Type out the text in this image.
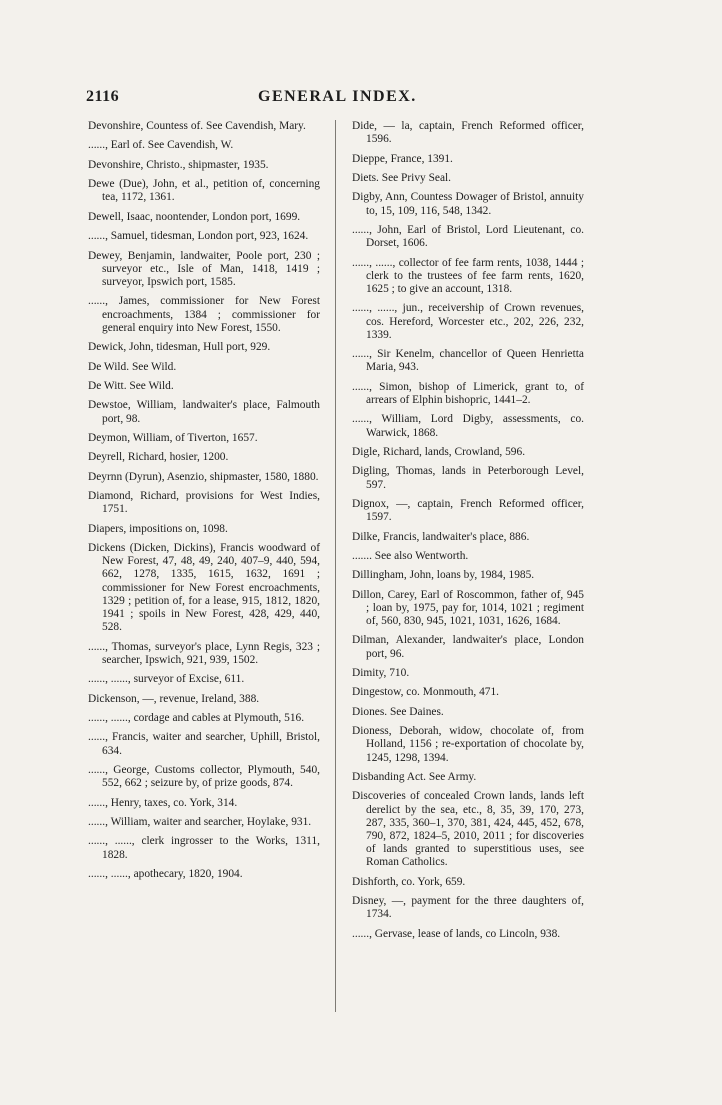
2116	GENERAL INDEX.

Devonshire, Countess of. See Cavendish, Mary.

......, Earl of. See Cavendish, W.

Devonshire, Christo., shipmaster, 1935.

Dewe (Due), John, et al., petition of, concerning tea, 1172, 1361.

Dewell, Isaac, noontender, London port, 1699.

......, Samuel, tidesman, London port, 923, 1624.

Dewey, Benjamin, landwaiter, Poole port, 230 ; surveyor etc., Isle of Man, 1418, 1419 ; surveyor, Ipswich port, 1585.

......, James, commissioner for New Forest encroachments, 1384 ; commissioner for general enquiry into New Forest, 1550.

Dewick, John, tidesman, Hull port, 929.

De Wild. See Wild.

De Witt. See Wild.

Dewstoe, William, landwaiter's place, Falmouth port, 98.

Deymon, William, of Tiverton, 1657.

Deyrell, Richard, hosier, 1200.

Deyrnn (Dyrun), Asenzio, shipmaster, 1580, 1880.

Diamond, Richard, provisions for West Indies, 1751.

Diapers, impositions on, 1098.

Dickens (Dicken, Dickins), Francis woodward of New Forest, 47, 48, 49, 240, 407–9, 440, 594, 662, 1278, 1335, 1615, 1632, 1691 ; commissioner for New Forest encroachments, 1329 ; petition of, for a lease, 915, 1812, 1820, 1941 ; spoils in New Forest, 428, 429, 440, 528.

......, Thomas, surveyor's place, Lynn Regis, 323 ; searcher, Ipswich, 921, 939, 1502.

......, ......, surveyor of Excise, 611.

Dickenson, —, revenue, Ireland, 388.

......, ......, cordage and cables at Plymouth, 516.

......, Francis, waiter and searcher, Uphill, Bristol, 634.

......, George, Customs collector, Plymouth, 540, 552, 662 ; seizure by, of prize goods, 874.

......, Henry, taxes, co. York, 314.

......, William, waiter and searcher, Hoylake, 931.

......, ......, clerk ingrosser to the Works, 1311, 1828.

......, ......, apothecary, 1820, 1904.

Dide, — la, captain, French Reformed officer, 1596.

Dieppe, France, 1391.

Diets. See Privy Seal.

Digby, Ann, Countess Dowager of Bristol, annuity to, 15, 109, 116, 548, 1342.

......, John, Earl of Bristol, Lord Lieutenant, co. Dorset, 1606.

......, ......, collector of fee farm rents, 1038, 1444 ; clerk to the trustees of fee farm rents, 1620, 1625 ; to give an account, 1318.

......, ......, jun., receivership of Crown revenues, cos. Hereford, Worcester etc., 202, 226, 232, 1339.

......, Sir Kenelm, chancellor of Queen Henrietta Maria, 943.

......, Simon, bishop of Limerick, grant to, of arrears of Elphin bishopric, 1441–2.

......, William, Lord Digby, assessments, co. Warwick, 1868.

Digle, Richard, lands, Crowland, 596.

Digling, Thomas, lands in Peterborough Level, 597.

Dignox, —, captain, French Reformed officer, 1597.

Dilke, Francis, landwaiter's place, 886.

....... See also Wentworth.

Dillingham, John, loans by, 1984, 1985.

Dillon, Carey, Earl of Roscommon, father of, 945 ; loan by, 1975, pay for, 1014, 1021 ; regiment of, 560, 830, 945, 1021, 1031, 1626, 1684.

Dilman, Alexander, landwaiter's place, London port, 96.

Dimity, 710.

Dingestow, co. Monmouth, 471.

Diones. See Daines.

Dioness, Deborah, widow, chocolate of, from Holland, 1156 ; re-exportation of chocolate by, 1245, 1298, 1394.

Disbanding Act. See Army.

Discoveries of concealed Crown lands, lands left derelict by the sea, etc., 8, 35, 39, 170, 273, 287, 335, 360–1, 370, 381, 424, 445, 452, 678, 790, 872, 1824–5, 2010, 2011 ; for discoveries of lands granted to superstitious uses, see Roman Catholics.

Dishforth, co. York, 659.

Disney, —, payment for the three daughters of, 1734.

......, Gervase, lease of lands, co Lincoln, 938.
